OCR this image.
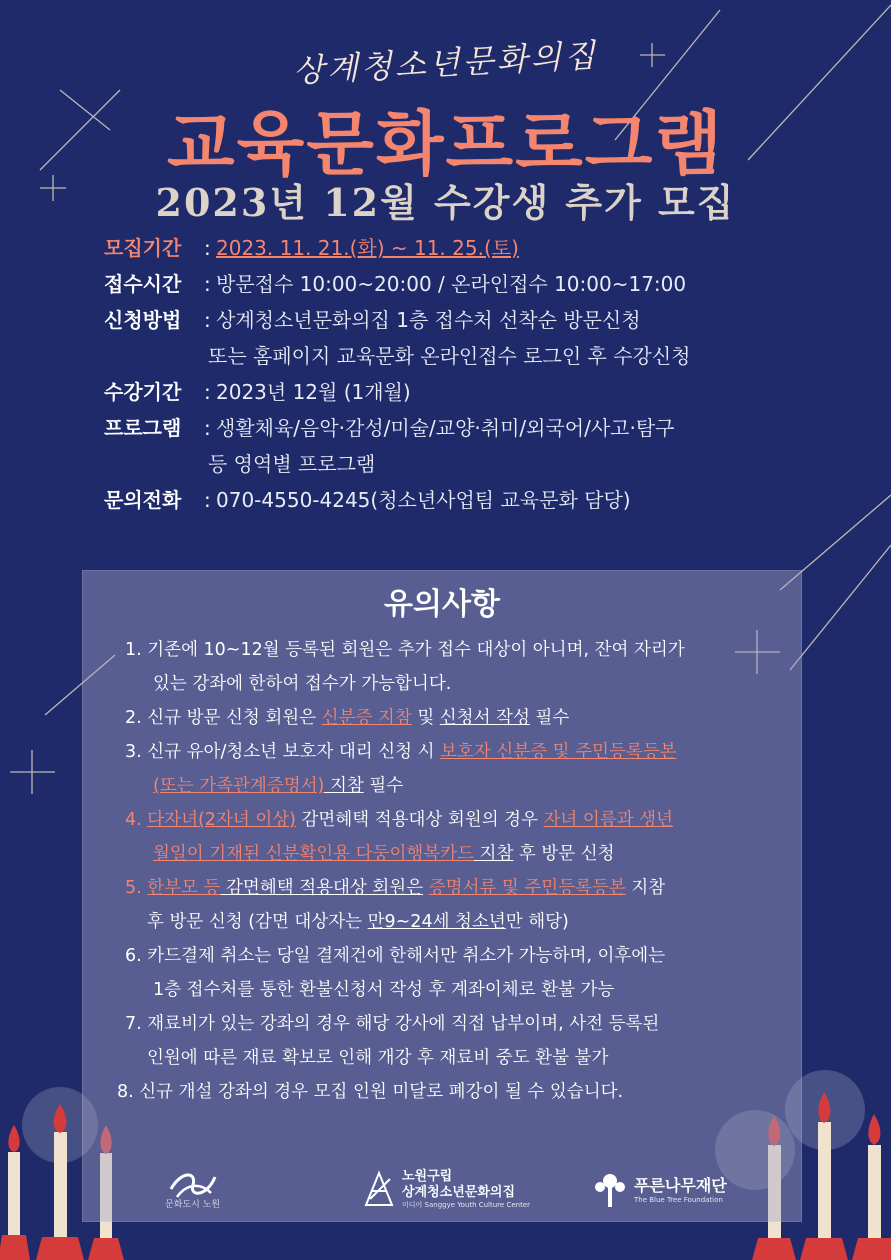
상계청소년문화의집
교육문화프로그램
2023년 12월 수강생 추가 모집
모집기간	: 2023. 11. 21.(화) ~ 11. 25.(토)
접수시간	: 방문접수 10:00~20:00 / 온라인접수 10:00~17:00
신청방법	: 상계청소년문화의집 1층 접수처 선착순 방문신청
또는 홈페이지 교육문화 온라인접수 로그인 후 수강신청
수강기간	: 2023년 12월 (1개월)
프로그램	: 생활체육/음악·감성/미술/교양·취미/외국어/사고·탐구
등 영역별 프로그램
문의전화	: 070-4550-4245(청소년사업팀 교육문화 담당)
유의사항
1. 기존에 10~12월 등록된 회원은 추가 접수 대상이 아니며, 잔여 자리가
있는 강좌에 한하여 접수가 가능합니다.
2. 신규 방문 신청 회원은 신분증 지참 및 신청서 작성 필수
3. 신규 유아/청소년 보호자 대리 신청 시 보호자 신분증 및 주민등록등본
(또는 가족관계증명서) 지참 필수
4. 다자녀(2자녀 이상) 감면혜택 적용대상 회원의 경우 자녀 이름과 생년
월일이 기재된 신분확인용 다둥이행복카드 지참 후 방문 신청
5. 한부모 등 감면혜택 적용대상 회원은 증명서류 및 주민등록등본 지참
후 방문 신청 (감면 대상자는 만9~24세 청소년만 해당)
6. 카드결제 취소는 당일 결제건에 한해서만 취소가 가능하며, 이후에는
1층 접수처를 통한 환불신청서 작성 후 계좌이체로 환불 가능
7. 재료비가 있는 강좌의 경우 해당 강사에 직접 납부이며, 사전 등록된
인원에 따른 재료 확보로 인해 개강 후 재료비 중도 환불 불가
8. 신규 개설 강좌의 경우 모집 인원 미달로 폐강이 될 수 있습니다.
문화도시 노원
노원구립
상계청소년문화의집
미디어 Sanggye Youth Culture Center
푸른나무재단
The Blue Tree Foundation
